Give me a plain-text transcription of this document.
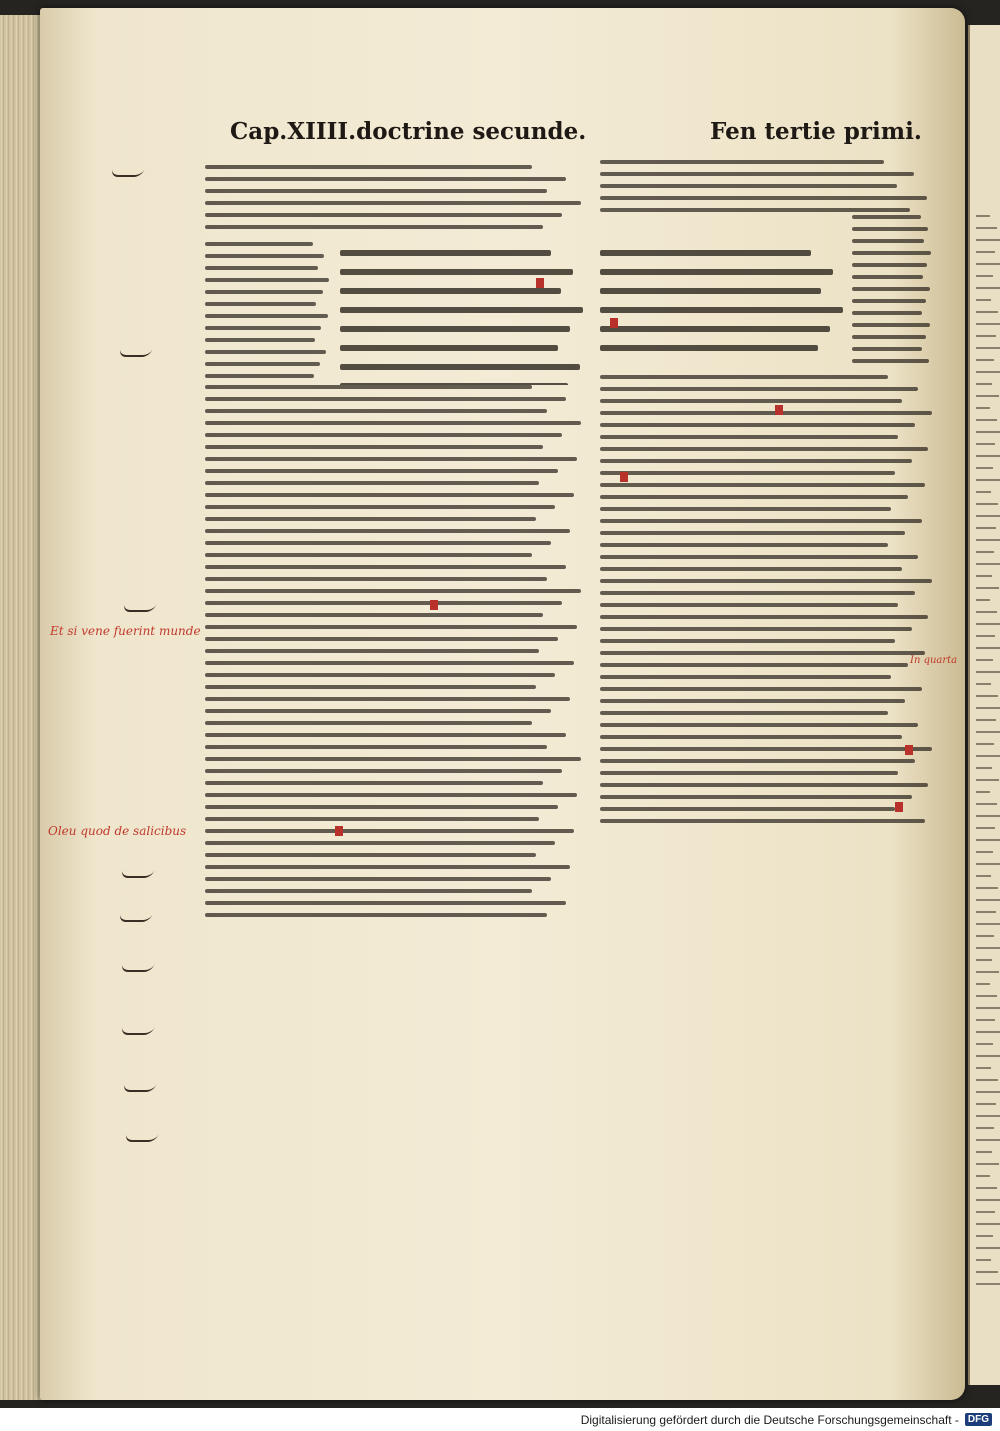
Cap.XIIII.doctrine secunde.	Fen tertie primi.
Et si vene fuerint munde
Oleu quod de salicibus
In quarta
Digitalisierung gefördert durch die Deutsche Forschungsgemeinschaft - DFG
